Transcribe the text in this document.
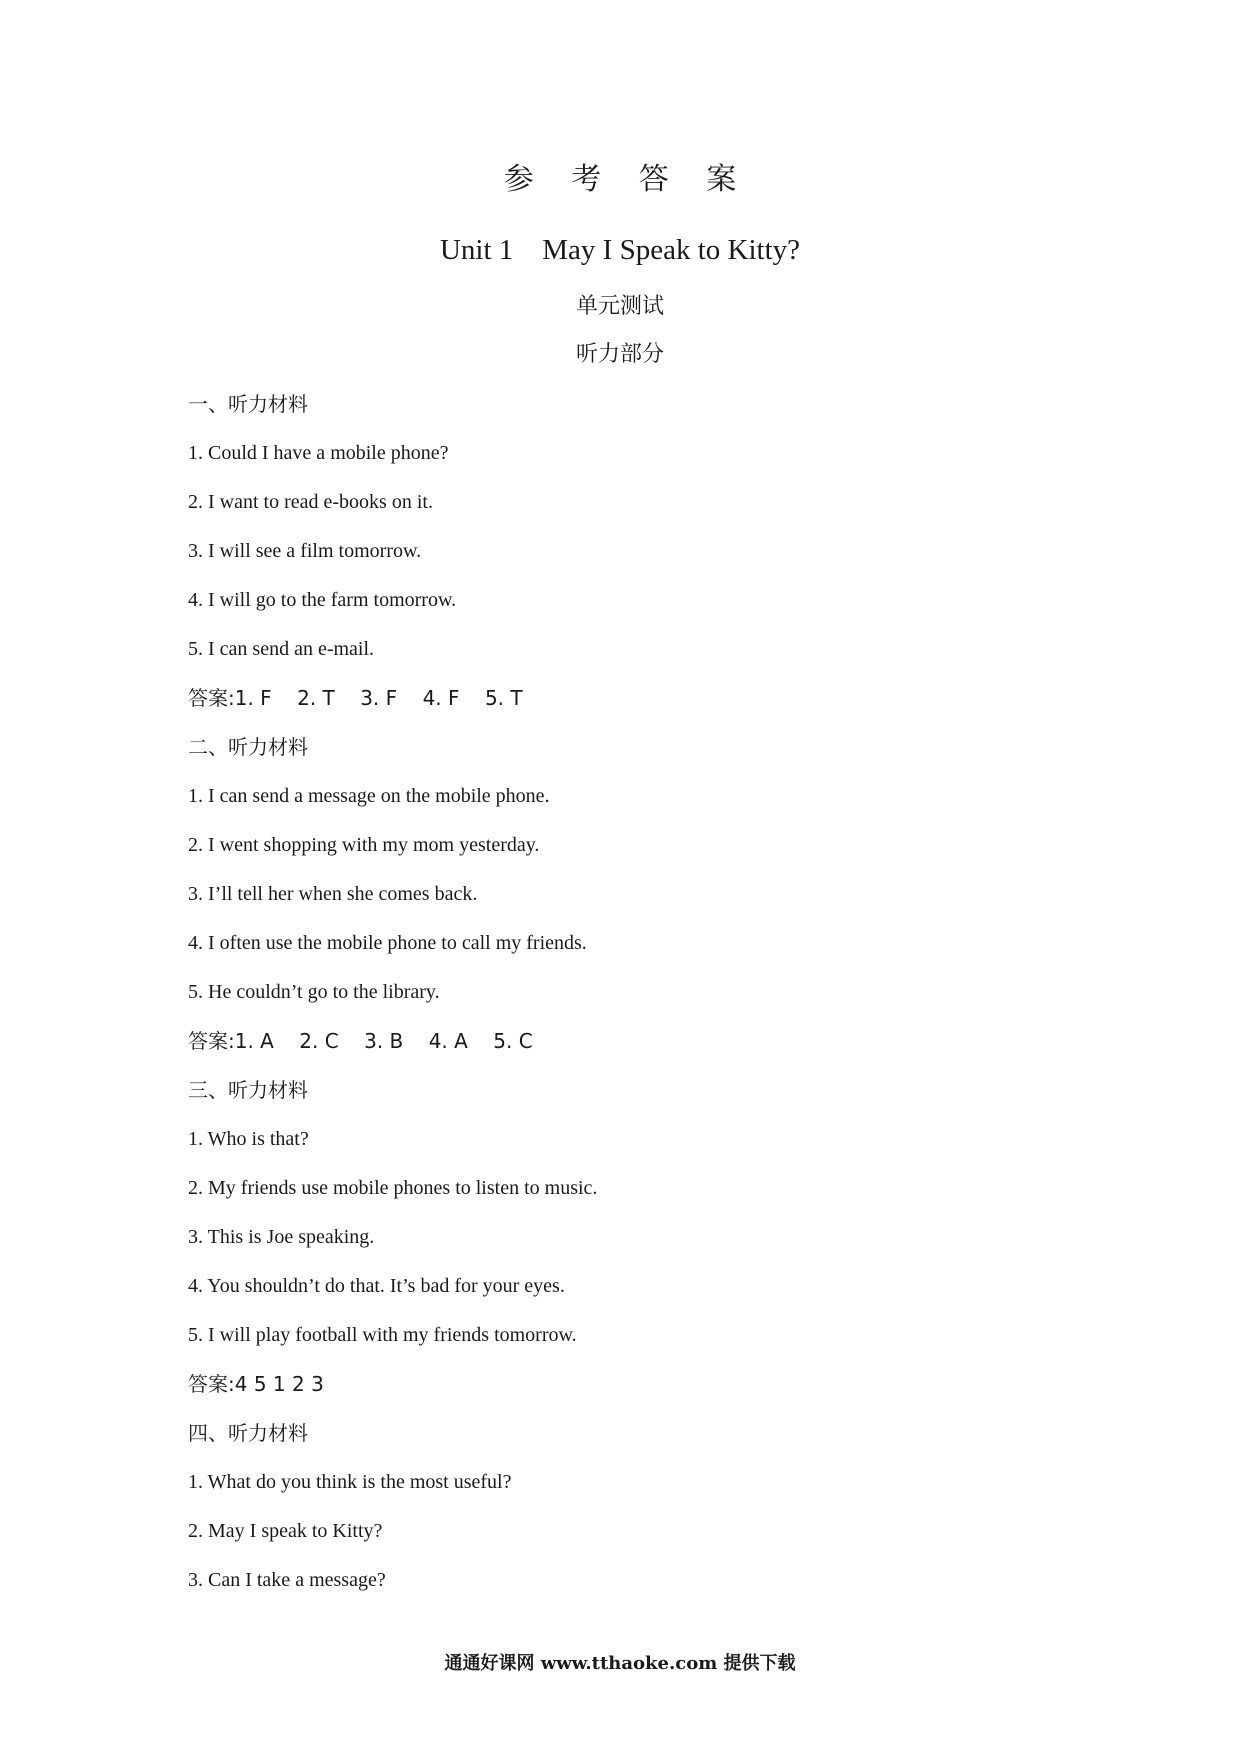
参 考 答 案
Unit 1    May I Speak to Kitty?
单元测试
听力部分
一、听力材料
1. Could I have a mobile phone?
2. I want to read e-books on it.
3. I will see a film tomorrow.
4. I will go to the farm tomorrow.
5. I can send an e-mail.
答案:1. F    2. T    3. F    4. F    5. T
二、听力材料
1. I can send a message on the mobile phone.
2. I went shopping with my mom yesterday.
3. I’ll tell her when she comes back.
4. I often use the mobile phone to call my friends.
5. He couldn’t go to the library.
答案:1. A    2. C    3. B    4. A    5. C
三、听力材料
1. Who is that?
2. My friends use mobile phones to listen to music.
3. This is Joe speaking.
4. You shouldn’t do that. It’s bad for your eyes.
5. I will play football with my friends tomorrow.
答案:4 5 1 2 3
四、听力材料
1. What do you think is the most useful?
2. May I speak to Kitty?
3. Can I take a message?
通通好课网 www.tthaoke.com 提供下载
